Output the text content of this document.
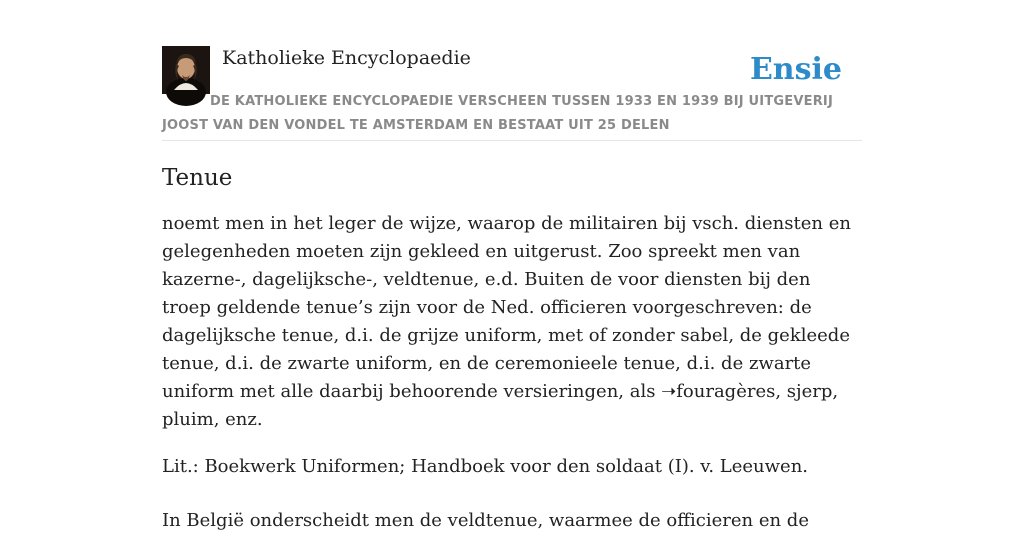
Katholieke Encyclopaedie	Ensie
DE KATHOLIEKE ENCYCLOPAEDIE VERSCHEEN TUSSEN 1933 EN 1939 BIJ UITGEVERIJ JOOST VAN DEN VONDEL TE AMSTERDAM EN BESTAAT UIT 25 DELEN
Tenue

noemt men in het leger de wijze, waarop de militairen bij vsch. diensten en gelegenheden moeten zijn gekleed en uitgerust. Zoo spreekt men van kazerne-, dagelijksche-, veldtenue, e.d. Buiten de voor diensten bij den troep geldende tenue’s zijn voor de Ned. officieren voorgeschreven: de dagelijksche tenue, d.i. de grijze uniform, met of zonder sabel, de gekleede tenue, d.i. de zwarte uniform, en de ceremonieele tenue, d.i. de zwarte uniform met alle daarbij behoorende versieringen, als ➝fouragères, sjerp, pluim, enz.

Lit.: Boekwerk Uniformen; Handboek voor den soldaat (I). v. Leeuwen.

In België onderscheidt men de veldtenue, waarmee de officieren en de
